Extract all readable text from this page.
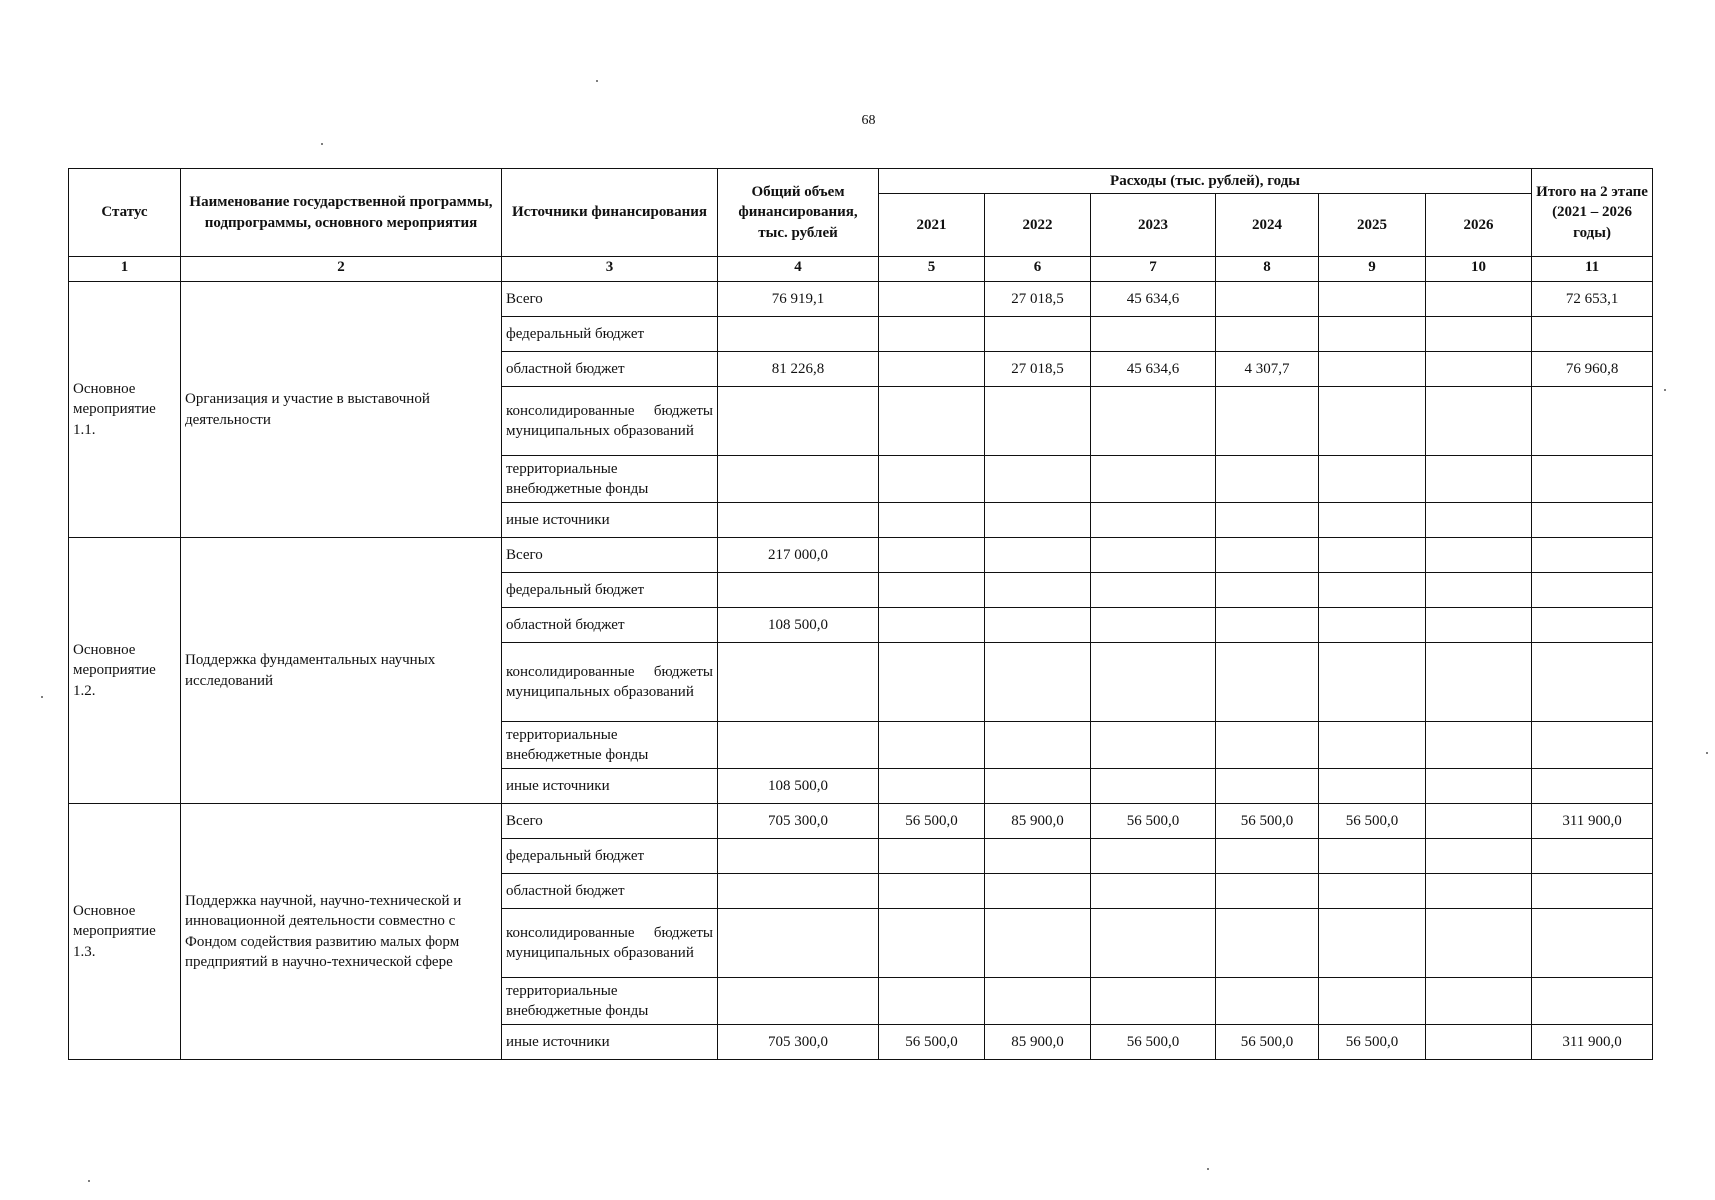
68
Статус	Наименование государственной программы, подпрограммы, основного мероприятия	Источники финансирования	Общий объем финансирования, тыс. рублей	Расходы (тыс. рублей), годы						Итого на 2 этапе (2021 – 2026 годы)
				2021	2022	2023	2024	2025	2026	
1	2	3	4	5	6	7	8	9	10	11
Основное мероприятие 1.1.	Организация и участие в выставочной деятельности	Всего	76 919,1		27 018,5	45 634,6				72 653,1
		федеральный бюджет								
		областной бюджет	81 226,8		27 018,5	45 634,6	4 307,7			76 960,8
		консолидированные бюджеты муниципальных образований								
		территориальные внебюджетные фонды								
		иные источники								
Основное мероприятие 1.2.	Поддержка фундаментальных научных исследований	Всего	217 000,0							
		федеральный бюджет								
		областной бюджет	108 500,0							
		консолидированные бюджеты муниципальных образований								
		территориальные внебюджетные фонды								
		иные источники	108 500,0							
Основное мероприятие 1.3.	Поддержка научной, научно-технической и инновационной деятельности совместно с Фондом содействия развитию малых форм предприятий в научно-технической сфере	Всего	705 300,0	56 500,0	85 900,0	56 500,0	56 500,0	56 500,0		311 900,0
		федеральный бюджет								
		областной бюджет								
		консолидированные бюджеты муниципальных образований								
		территориальные внебюджетные фонды								
		иные источники	705 300,0	56 500,0	85 900,0	56 500,0	56 500,0	56 500,0		311 900,0
